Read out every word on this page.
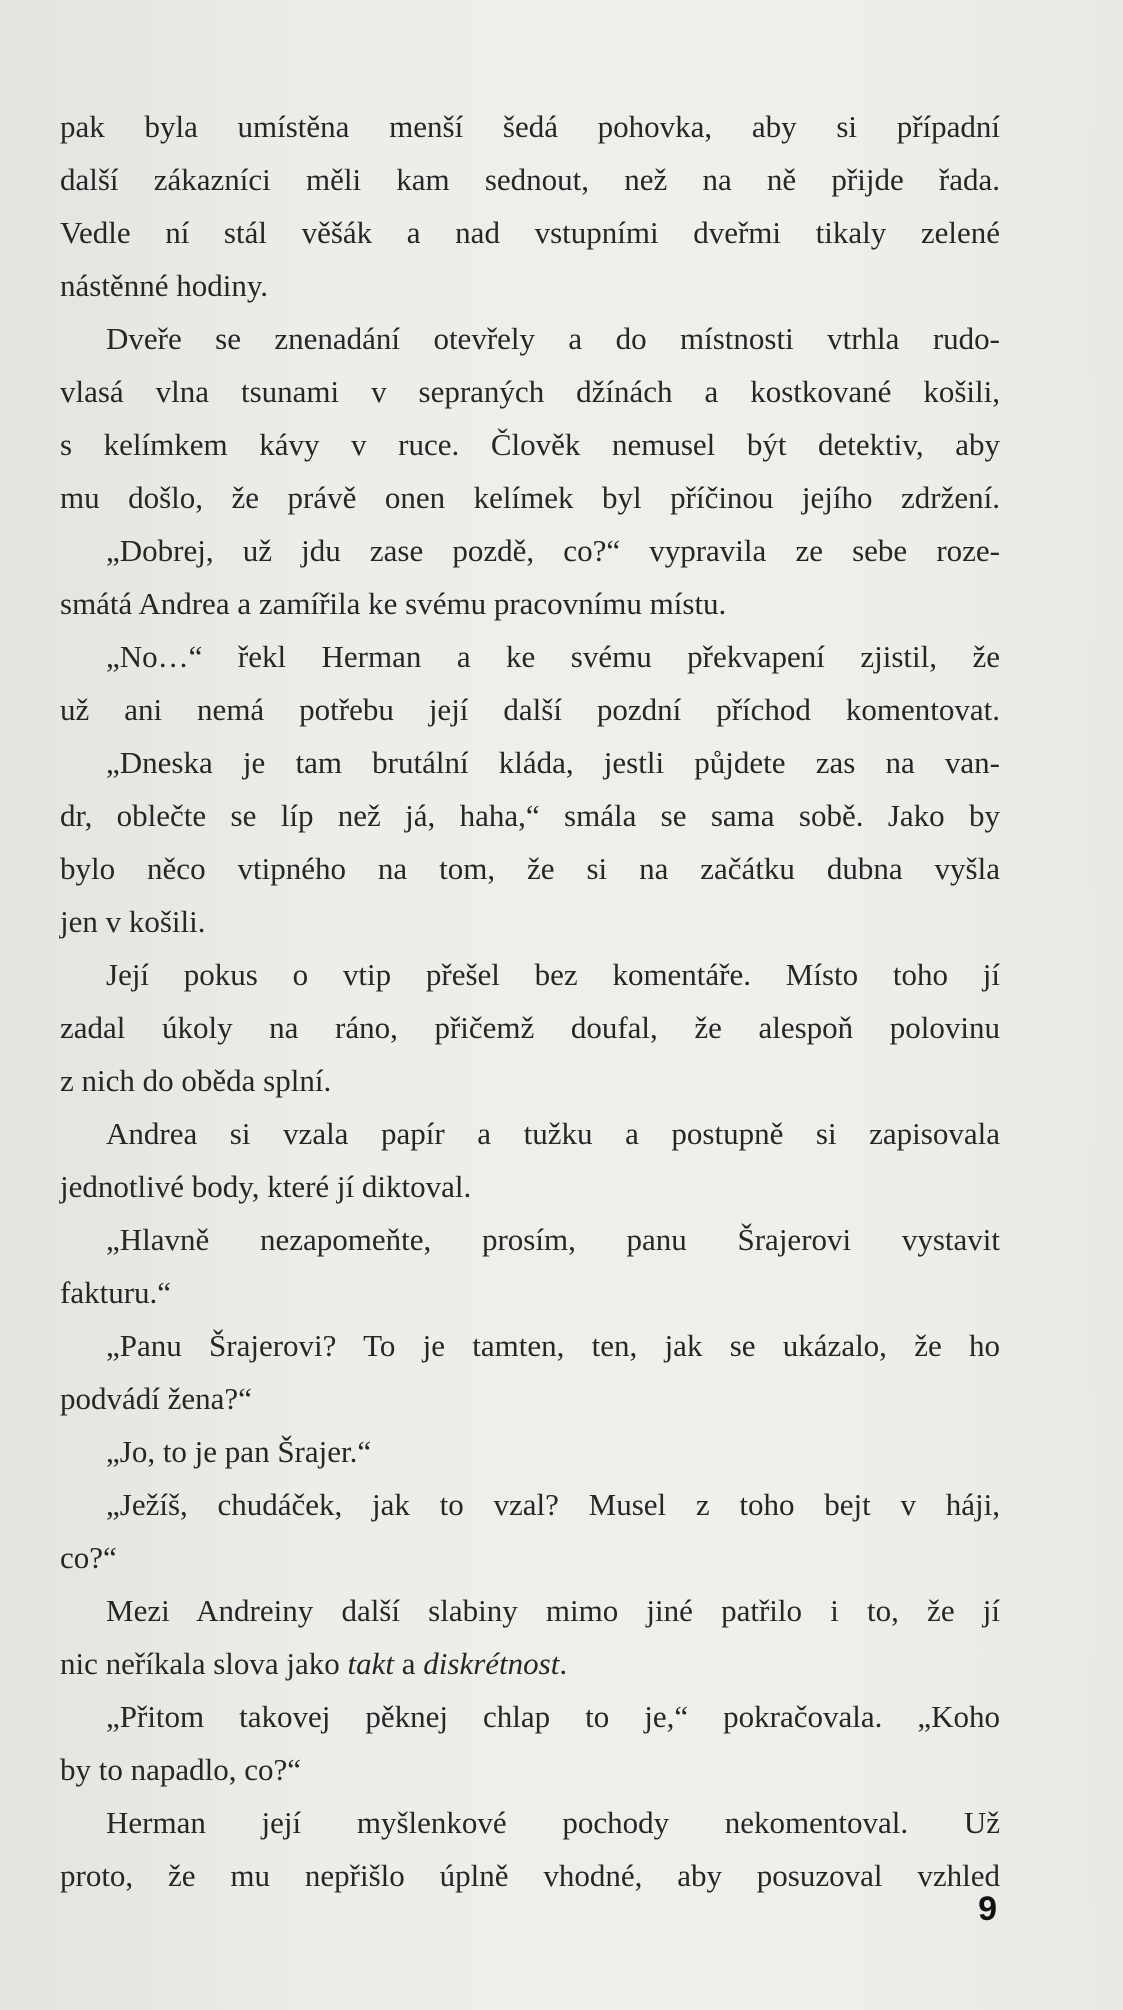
pak byla umístěna menší šedá pohovka, aby si případní
další zákazníci měli kam sednout, než na ně přijde řada.
Vedle ní stál věšák a nad vstupními dveřmi tikaly zelené
nástěnné hodiny.
Dveře se znenadání otevřely a do místnosti vtrhla rudo-
vlasá vlna tsunami v sepraných džínách a kostkované košili,
s kelímkem kávy v ruce. Člověk nemusel být detektiv, aby
mu došlo, že právě onen kelímek byl příčinou jejího zdržení.
„Dobrej, už jdu zase pozdě, co?“ vypravila ze sebe roze-
smátá Andrea a zamířila ke svému pracovnímu místu.
„No…“ řekl Herman a ke svému překvapení zjistil, že
už ani nemá potřebu její další pozdní příchod komentovat.
„Dneska je tam brutální kláda, jestli půjdete zas na van-
dr, oblečte se líp než já, haha,“ smála se sama sobě. Jako by
bylo něco vtipného na tom, že si na začátku dubna vyšla
jen v košili.
Její pokus o vtip přešel bez komentáře. Místo toho jí
zadal úkoly na ráno, přičemž doufal, že alespoň polovinu
z nich do oběda splní.
Andrea si vzala papír a tužku a postupně si zapisovala
jednotlivé body, které jí diktoval.
„Hlavně nezapomeňte, prosím, panu Šrajerovi vystavit
fakturu.“
„Panu Šrajerovi? To je tamten, ten, jak se ukázalo, že ho
podvádí žena?“
„Jo, to je pan Šrajer.“
„Ježíš, chudáček, jak to vzal? Musel z toho bejt v háji,
co?“
Mezi Andreiny další slabiny mimo jiné patřilo i to, že jí
nic neříkala slova jako takt a diskrétnost.
„Přitom takovej pěknej chlap to je,“ pokračovala. „Koho
by to napadlo, co?“
Herman její myšlenkové pochody nekomentoval. Už
proto, že mu nepřišlo úplně vhodné, aby posuzoval vzhled
9
